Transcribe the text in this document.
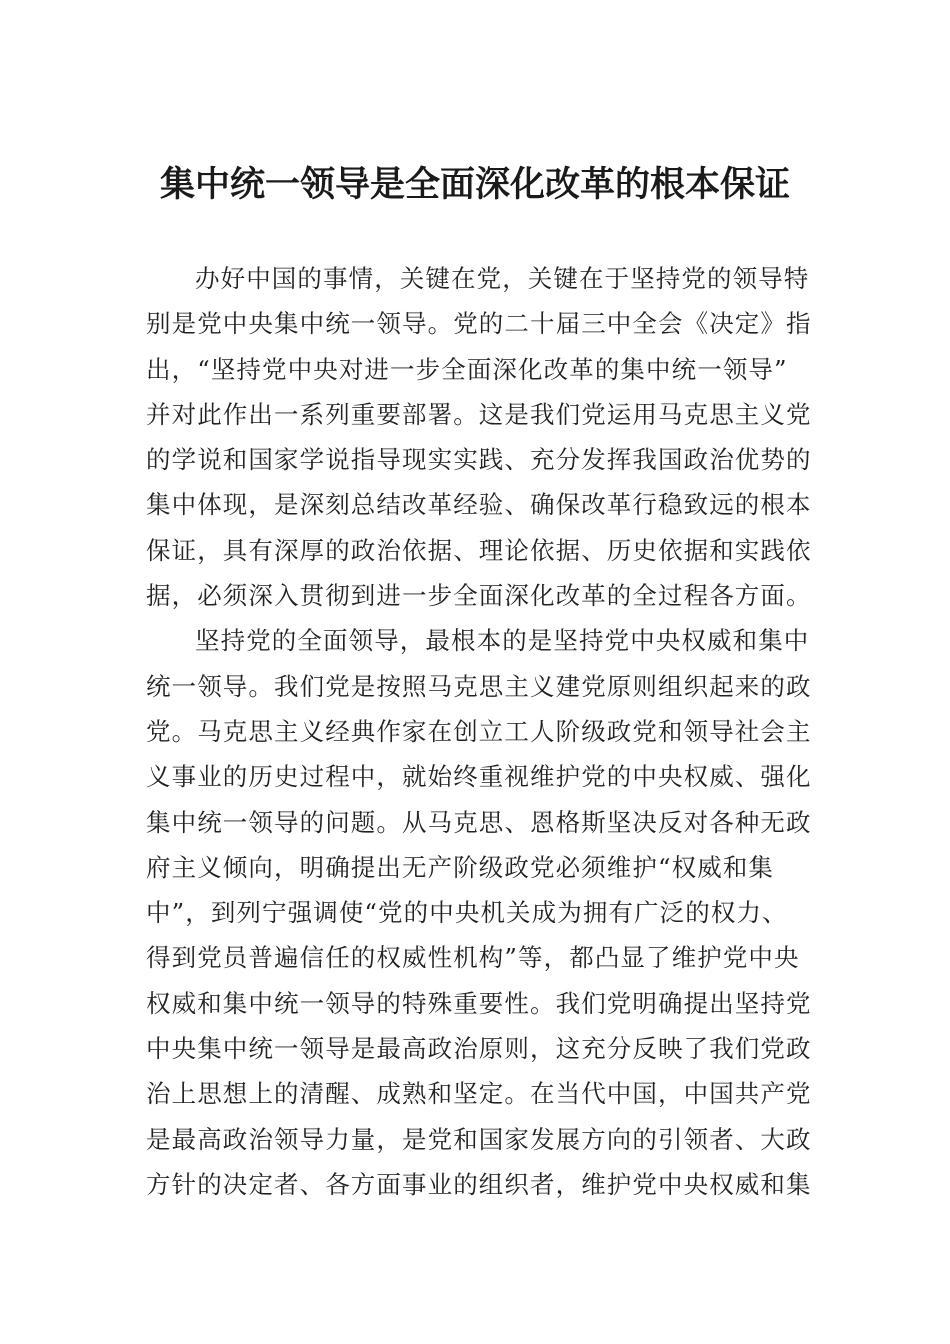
集中统一领导是全面深化改革的根本保证
办好中国的事情，关键在党，关键在于坚持党的领导特
别是党中央集中统一领导。党的二十届三中全会《决定》指
出，“坚持党中央对进一步全面深化改革的集中统一领导”
并对此作出一系列重要部署。这是我们党运用马克思主义党
的学说和国家学说指导现实实践、充分发挥我国政治优势的
集中体现，是深刻总结改革经验、确保改革行稳致远的根本
保证，具有深厚的政治依据、理论依据、历史依据和实践依
据，必须深入贯彻到进一步全面深化改革的全过程各方面。
坚持党的全面领导，最根本的是坚持党中央权威和集中
统一领导。我们党是按照马克思主义建党原则组织起来的政
党。马克思主义经典作家在创立工人阶级政党和领导社会主
义事业的历史过程中，就始终重视维护党的中央权威、强化
集中统一领导的问题。从马克思、恩格斯坚决反对各种无政
府主义倾向，明确提出无产阶级政党必须维护“权威和集
中”，到列宁强调使“党的中央机关成为拥有广泛的权力、
得到党员普遍信任的权威性机构”等，都凸显了维护党中央
权威和集中统一领导的特殊重要性。我们党明确提出坚持党
中央集中统一领导是最高政治原则，这充分反映了我们党政
治上思想上的清醒、成熟和坚定。在当代中国，中国共产党
是最高政治领导力量，是党和国家发展方向的引领者、大政
方针的决定者、各方面事业的组织者，维护党中央权威和集
